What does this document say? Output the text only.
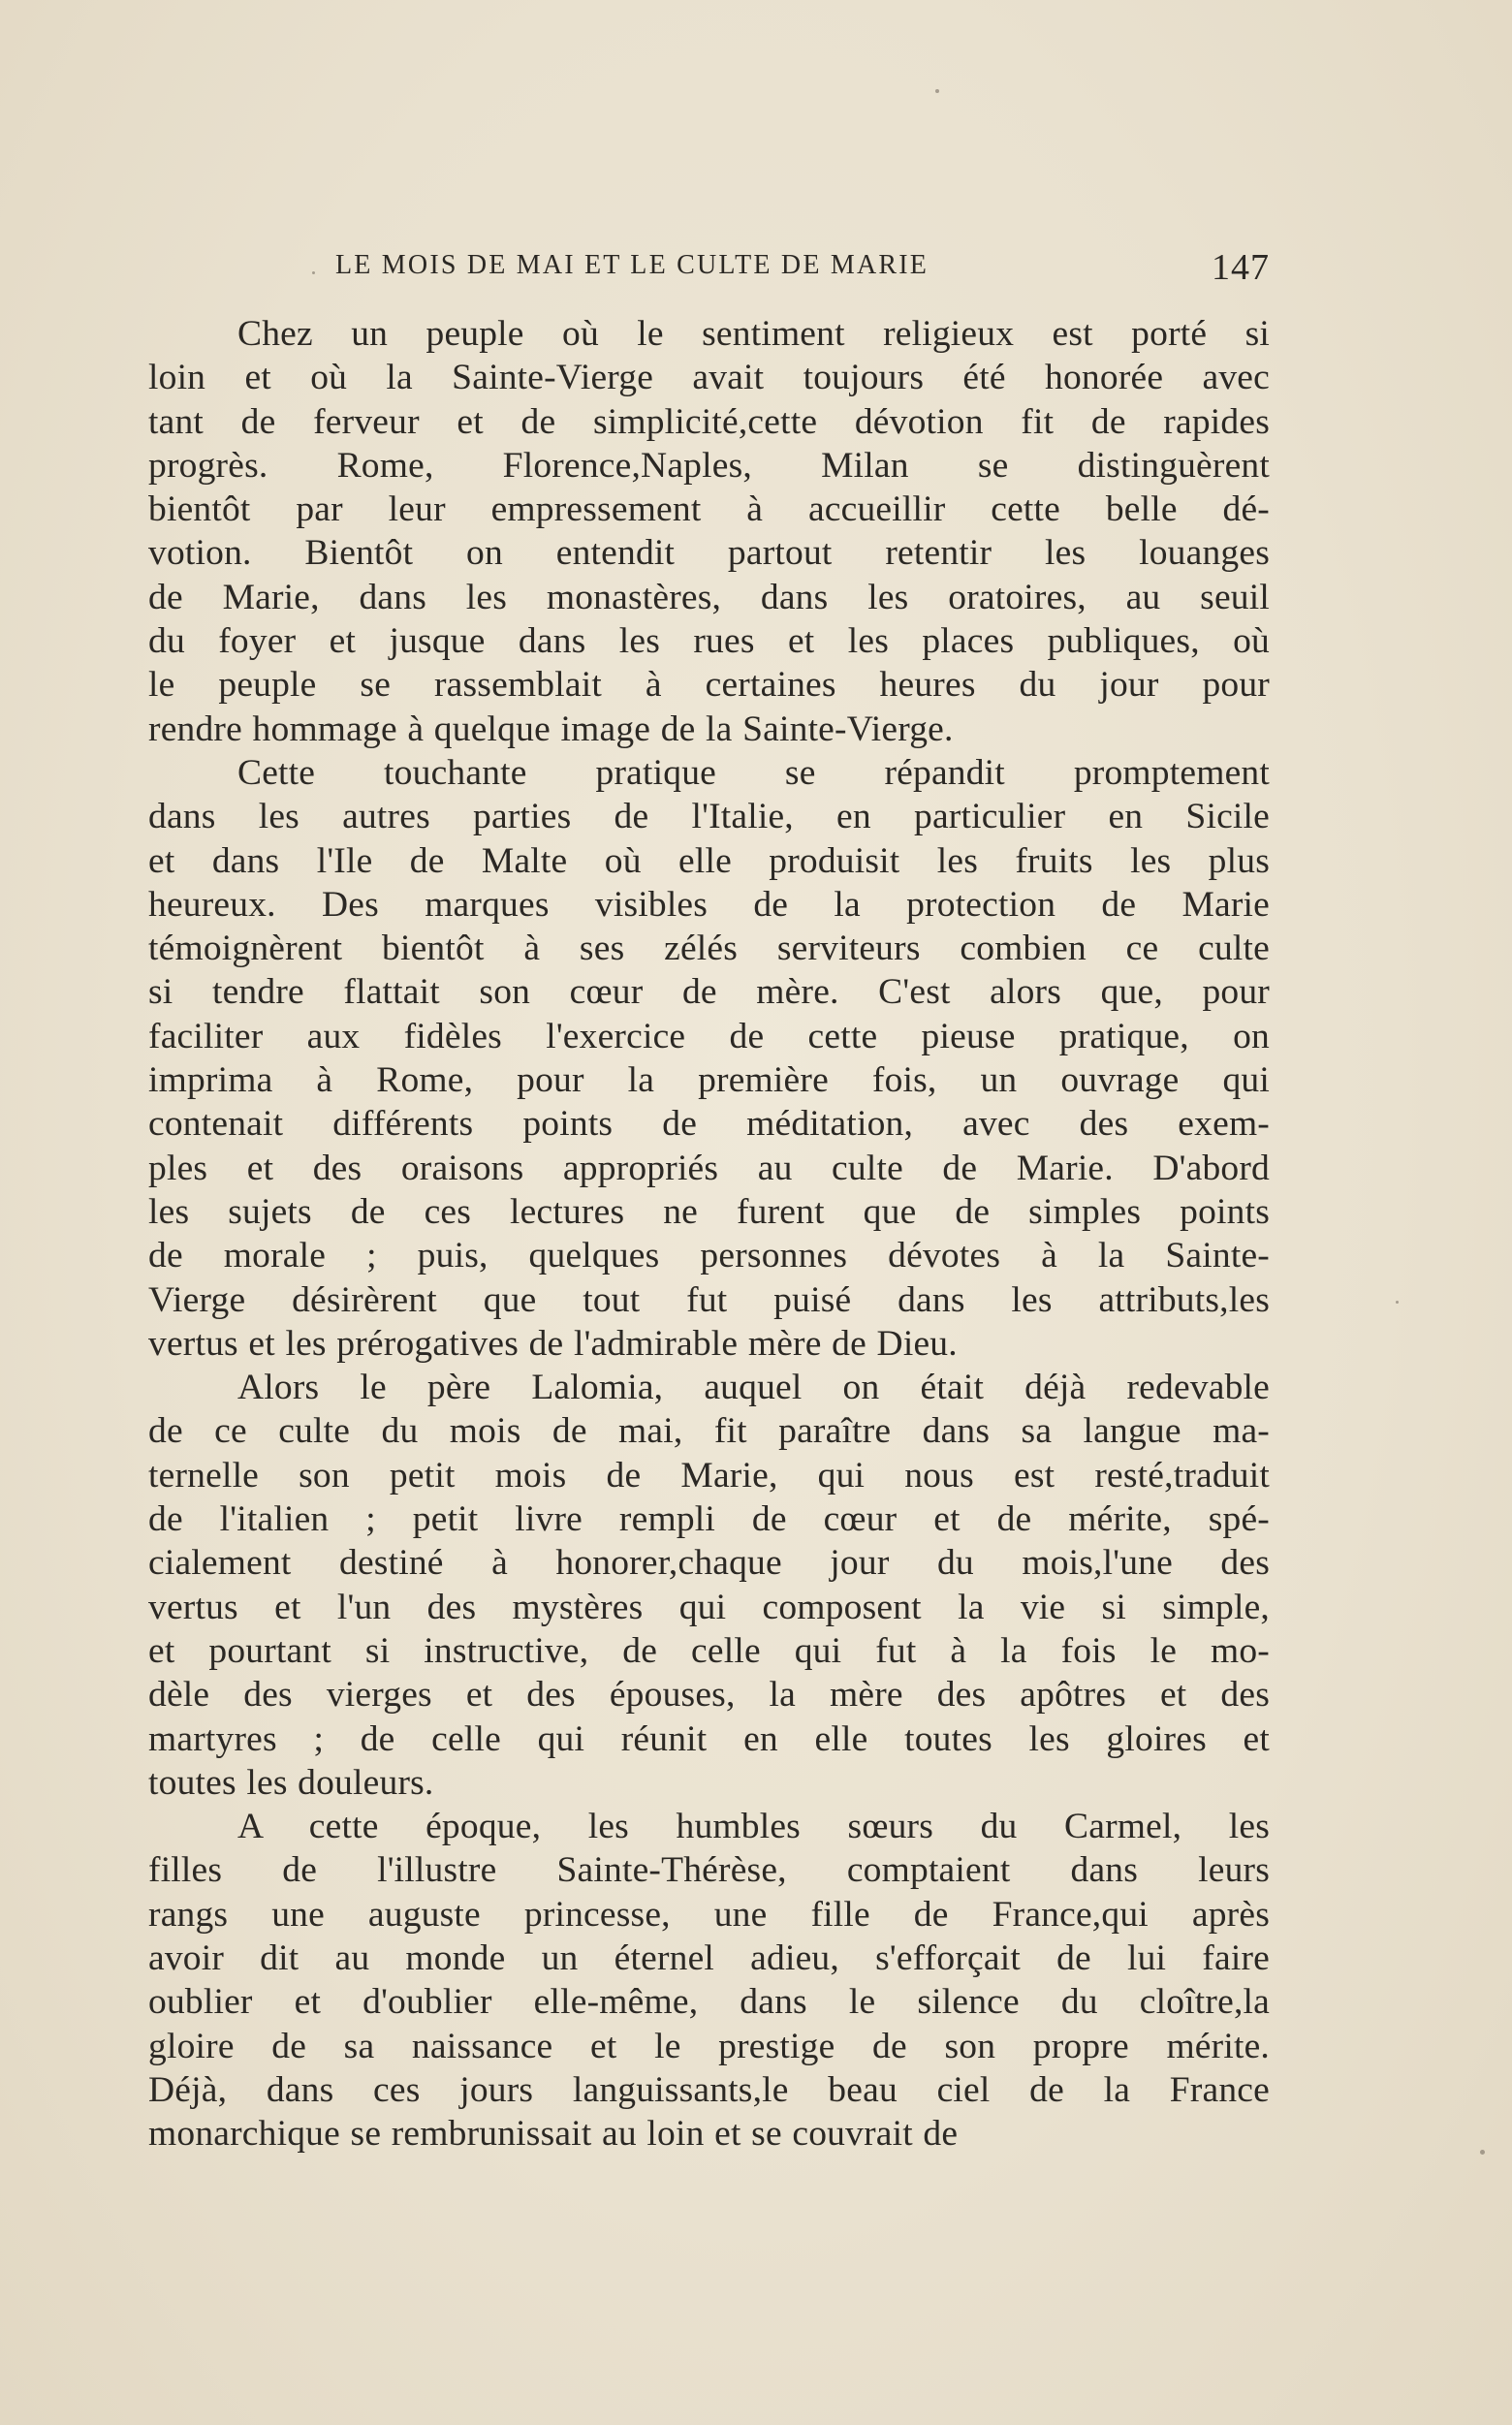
LE MOIS DE MAI ET LE CULTE DE MARIE	147
Chez un peuple où le sentiment religieux est porté si
loin et où la Sainte-Vierge avait toujours été honorée avec
tant de ferveur et de simplicité,cette dévotion fit de rapides
progrès. Rome, Florence,Naples, Milan se distinguèrent
bientôt par leur empressement à accueillir cette belle dé-
votion. Bientôt on entendit partout retentir les louanges
de Marie, dans les monastères, dans les oratoires, au seuil
du foyer et jusque dans les rues et les places publiques, où
le peuple se rassemblait à certaines heures du jour pour
rendre hommage à quelque image de la Sainte-Vierge.
Cette touchante pratique se répandit promptement
dans les autres parties de l'Italie, en particulier en Sicile
et dans l'Ile de Malte où elle produisit les fruits les plus
heureux. Des marques visibles de la protection de Marie
témoignèrent bientôt à ses zélés serviteurs combien ce culte
si tendre flattait son cœur de mère. C'est alors que, pour
faciliter aux fidèles l'exercice de cette pieuse pratique, on
imprima à Rome, pour la première fois, un ouvrage qui
contenait différents points de méditation, avec des exem-
ples et des oraisons appropriés au culte de Marie. D'abord
les sujets de ces lectures ne furent que de simples points
de morale ; puis, quelques personnes dévotes à la Sainte-
Vierge désirèrent que tout fut puisé dans les attributs,les
vertus et les prérogatives de l'admirable mère de Dieu.
Alors le père Lalomia, auquel on était déjà redevable
de ce culte du mois de mai, fit paraître dans sa langue ma-
ternelle son petit mois de Marie, qui nous est resté,traduit
de l'italien ; petit livre rempli de cœur et de mérite, spé-
cialement destiné à honorer,chaque jour du mois,l'une des
vertus et l'un des mystères qui composent la vie si simple,
et pourtant si instructive, de celle qui fut à la fois le mo-
dèle des vierges et des épouses, la mère des apôtres et des
martyres ; de celle qui réunit en elle toutes les gloires et
toutes les douleurs.
A cette époque, les humbles sœurs du Carmel, les
filles de l'illustre Sainte-Thérèse, comptaient dans leurs
rangs une auguste princesse, une fille de France,qui après
avoir dit au monde un éternel adieu, s'efforçait de lui faire
oublier et d'oublier elle-même, dans le silence du cloître,la
gloire de sa naissance et le prestige de son propre mérite.
Déjà, dans ces jours languissants,le beau ciel de la France
monarchique se rembrunissait au loin et se couvrait de
